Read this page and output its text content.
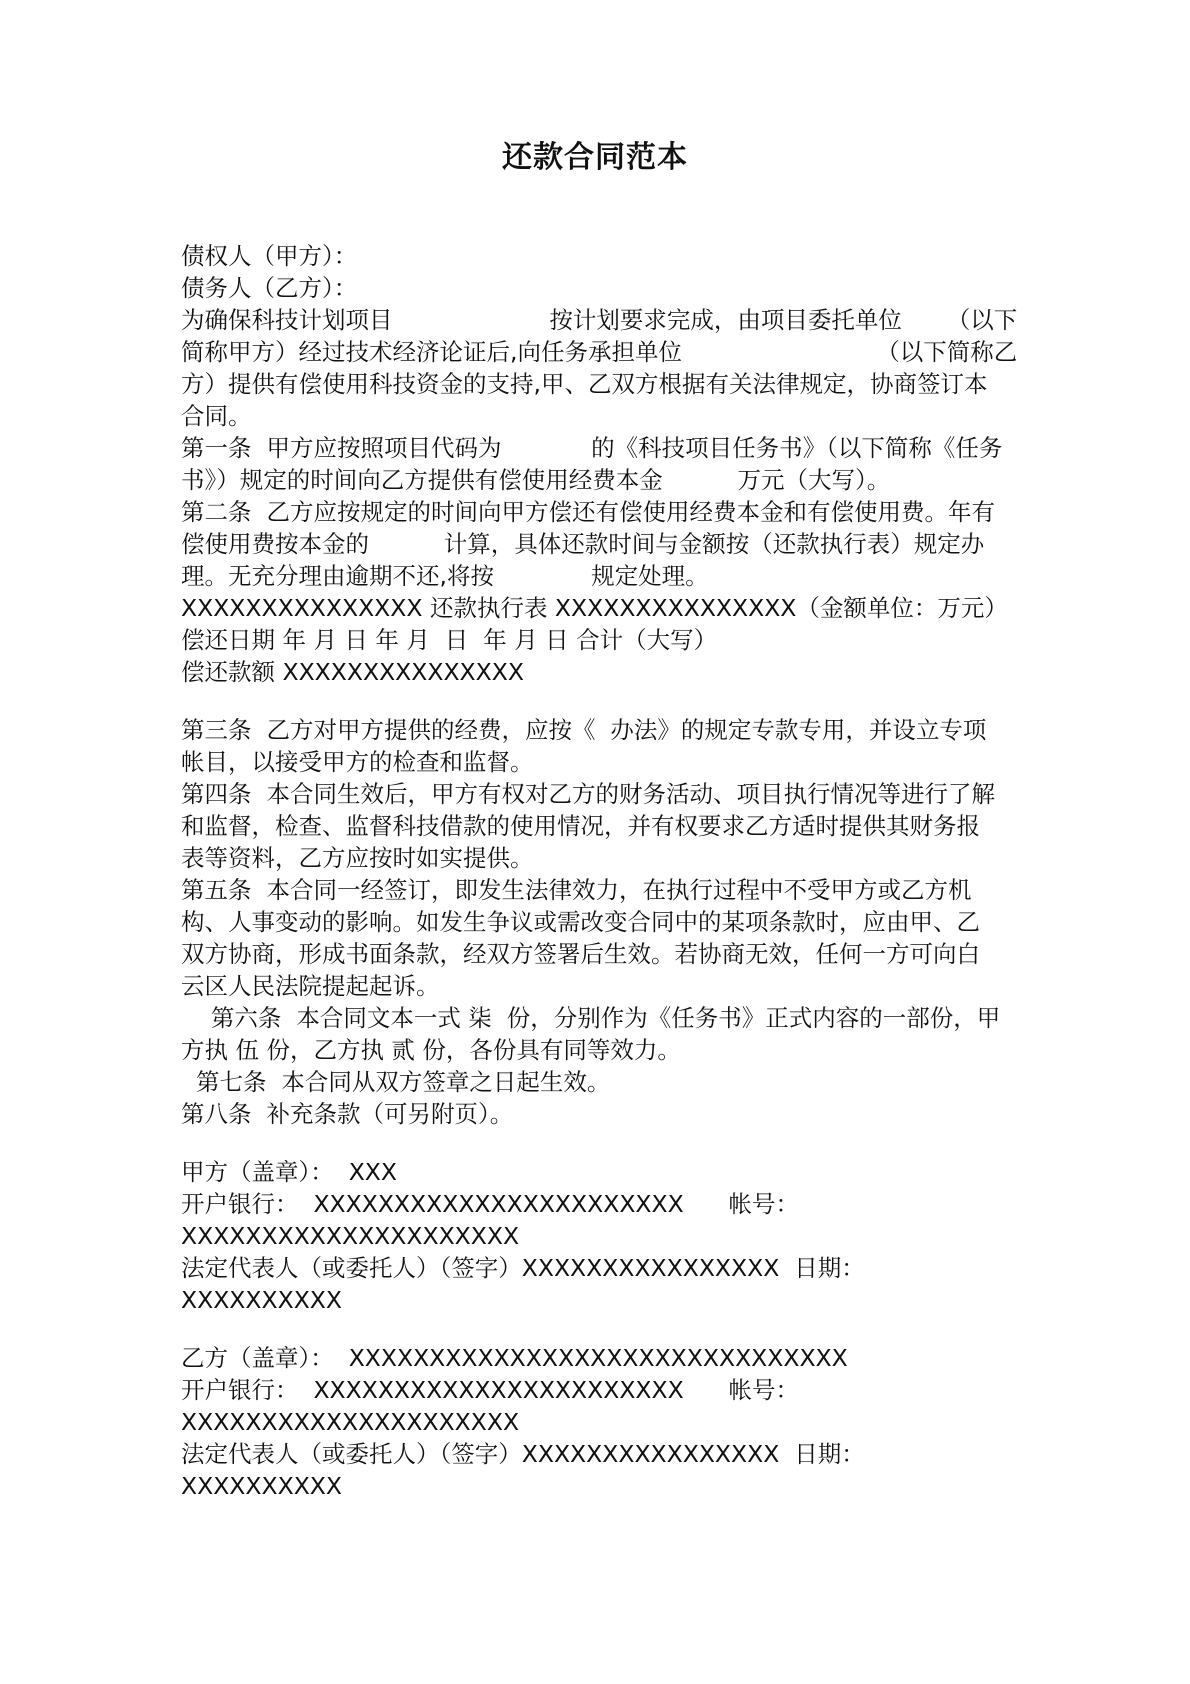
还款合同范本
债权人（甲方）：
债务人（乙方）：
为确保科技计划项目                     按计划要求完成，由项目委托单位      （以下
简称甲方）经过技术经济论证后,向任务承担单位                          （以下简称乙
方）提供有偿使用科技资金的支持,甲、乙双方根据有关法律规定，协商签订本
合同。
第一条  甲方应按照项目代码为            的《科技项目任务书》（以下简称《任务
书》）规定的时间向乙方提供有偿使用经费本金          万元（大写）。
第二条  乙方应按规定的时间向甲方偿还有偿使用经费本金和有偿使用费。年有
偿使用费按本金的          计算，具体还款时间与金额按（还款执行表）规定办
理。无充分理由逾期不还,将按             规定处理。
XXXXXXXXXXXXXXX 还款执行表 XXXXXXXXXXXXXXX（金额单位：万元）
偿还日期 年 月 日 年 月  日  年 月 日 合计（大写）
偿还款额 XXXXXXXXXXXXXXX
第三条  乙方对甲方提供的经费，应按《  办法》的规定专款专用，并设立专项
帐目，以接受甲方的检查和监督。
第四条  本合同生效后，甲方有权对乙方的财务活动、项目执行情况等进行了解
和监督，检查、监督科技借款的使用情况，并有权要求乙方适时提供其财务报
表等资料，乙方应按时如实提供。
第五条  本合同一经签订，即发生法律效力，在执行过程中不受甲方或乙方机
构、人事变动的影响。如发生争议或需改变合同中的某项条款时，应由甲、乙
双方协商，形成书面条款，经双方签署后生效。若协商无效，任何一方可向白
云区人民法院提起起诉。
第六条  本合同文本一式 柒  份，分别作为《任务书》正式内容的一部份，甲
方执 伍 份，乙方执 贰 份，各份具有同等效力。
第七条  本合同从双方签章之日起生效。
第八条  补充条款（可另附页）。
甲方（盖章）：  XXX
开户银行：  XXXXXXXXXXXXXXXXXXXXXXX      帐号：
XXXXXXXXXXXXXXXXXXXXX
法定代表人（或委托人）（签字）XXXXXXXXXXXXXXXX  日期：
XXXXXXXXXX
乙方（盖章）：  XXXXXXXXXXXXXXXXXXXXXXXXXXXXXXX
开户银行：  XXXXXXXXXXXXXXXXXXXXXXX      帐号：
XXXXXXXXXXXXXXXXXXXXX
法定代表人（或委托人）（签字）XXXXXXXXXXXXXXXX  日期：
XXXXXXXXXX
